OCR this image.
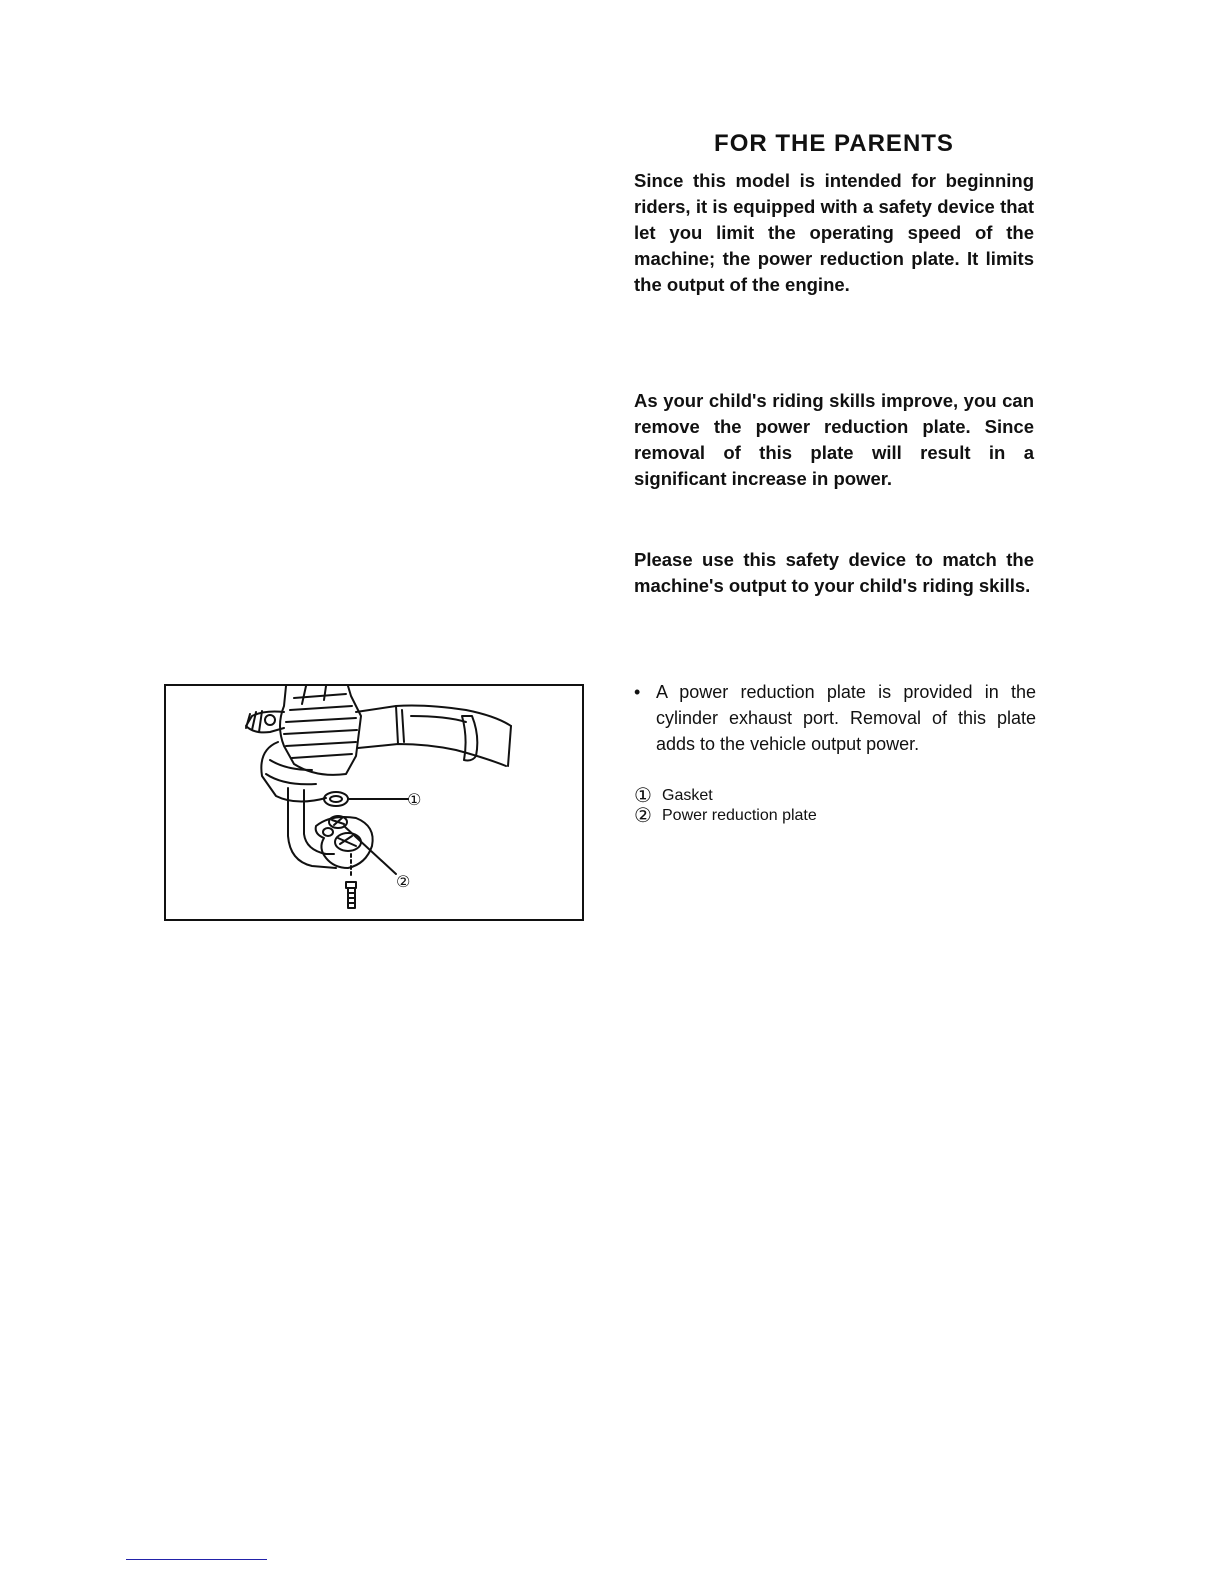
FOR THE PARENTS

Since this model is intended for beginning riders, it is equipped with a safety device that let you limit the operating speed of the machine; the power reduction plate. It limits the output of the engine.

As your child's riding skills improve, you can remove the power reduction plate. Since removal of this plate will result in a significant increase in power.

Please use this safety device to match the machine's output to your child's riding skills.

• A power reduction plate is provided in the cylinder exhaust port. Removal of this plate adds to the vehicle output power.
① Gasket
② Power reduction plate
①
②
